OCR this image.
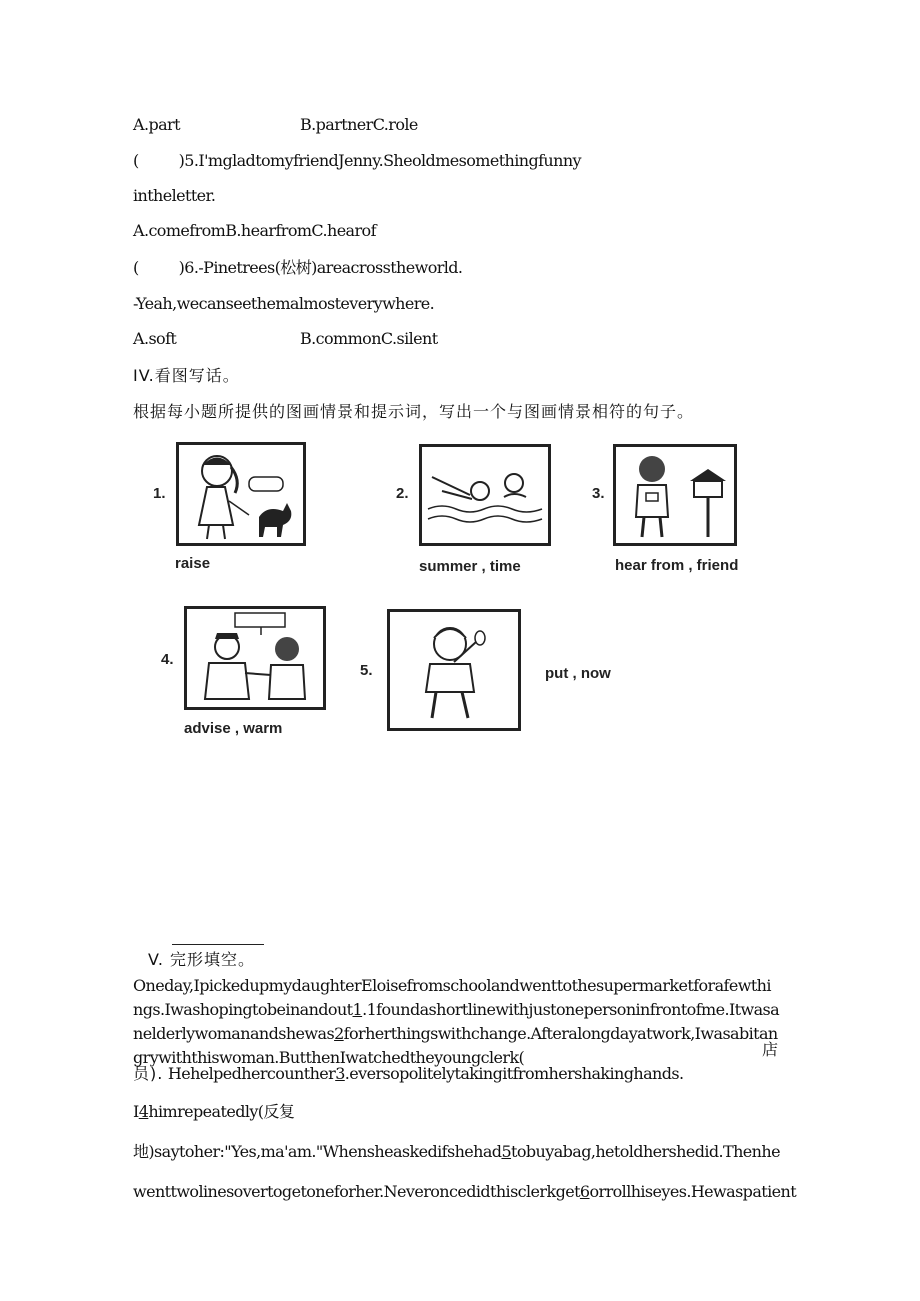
A.part	B.partnerC.role
(	)5.I'mgladtomyfriendJenny.Sheoldmesomethingfunny
intheletter.
A.comefromB.hearfromC.hearof
(	)6.-Pinetrees(松树)areacrosstheworld.
-Yeah,wecanseethemalmosteverywhere.
A.soft	B.commonC.silent
IV.看图写话。
根据每小题所提供的图画情景和提示词，写出一个与图画情景相符的句子。
1.
raise
2.
summer , time
3.
hear from , friend
4.
advise , warm
5.	put , now
V. 完形填空。
Oneday,IpickedupmydaughterEloisefromschoolandwenttothesupermarketforafewthings.Iwashopingtobeinandout1.1foundashortlinewithjustonepersoninfrontofme.Itwasanelderlywomanandshewas2forherthingswithchange.Afteralongdayatwork,Iwasabitangrywiththiswoman.ButthenIwatchedtheyoungclerk(	店
员). Hehelpedhercounther3.eversopolitelytakingitfromhershakinghands.
I4himrepeatedly(反复
地)saytoher:"Yes,ma'am."Whensheaskedifshehad5tobuyabag,hetoldhershedid.Thenhe
wenttwolinesovertogetoneforher.Neveroncedidthisclerkget6orrollhiseyes.Hewaspatient
